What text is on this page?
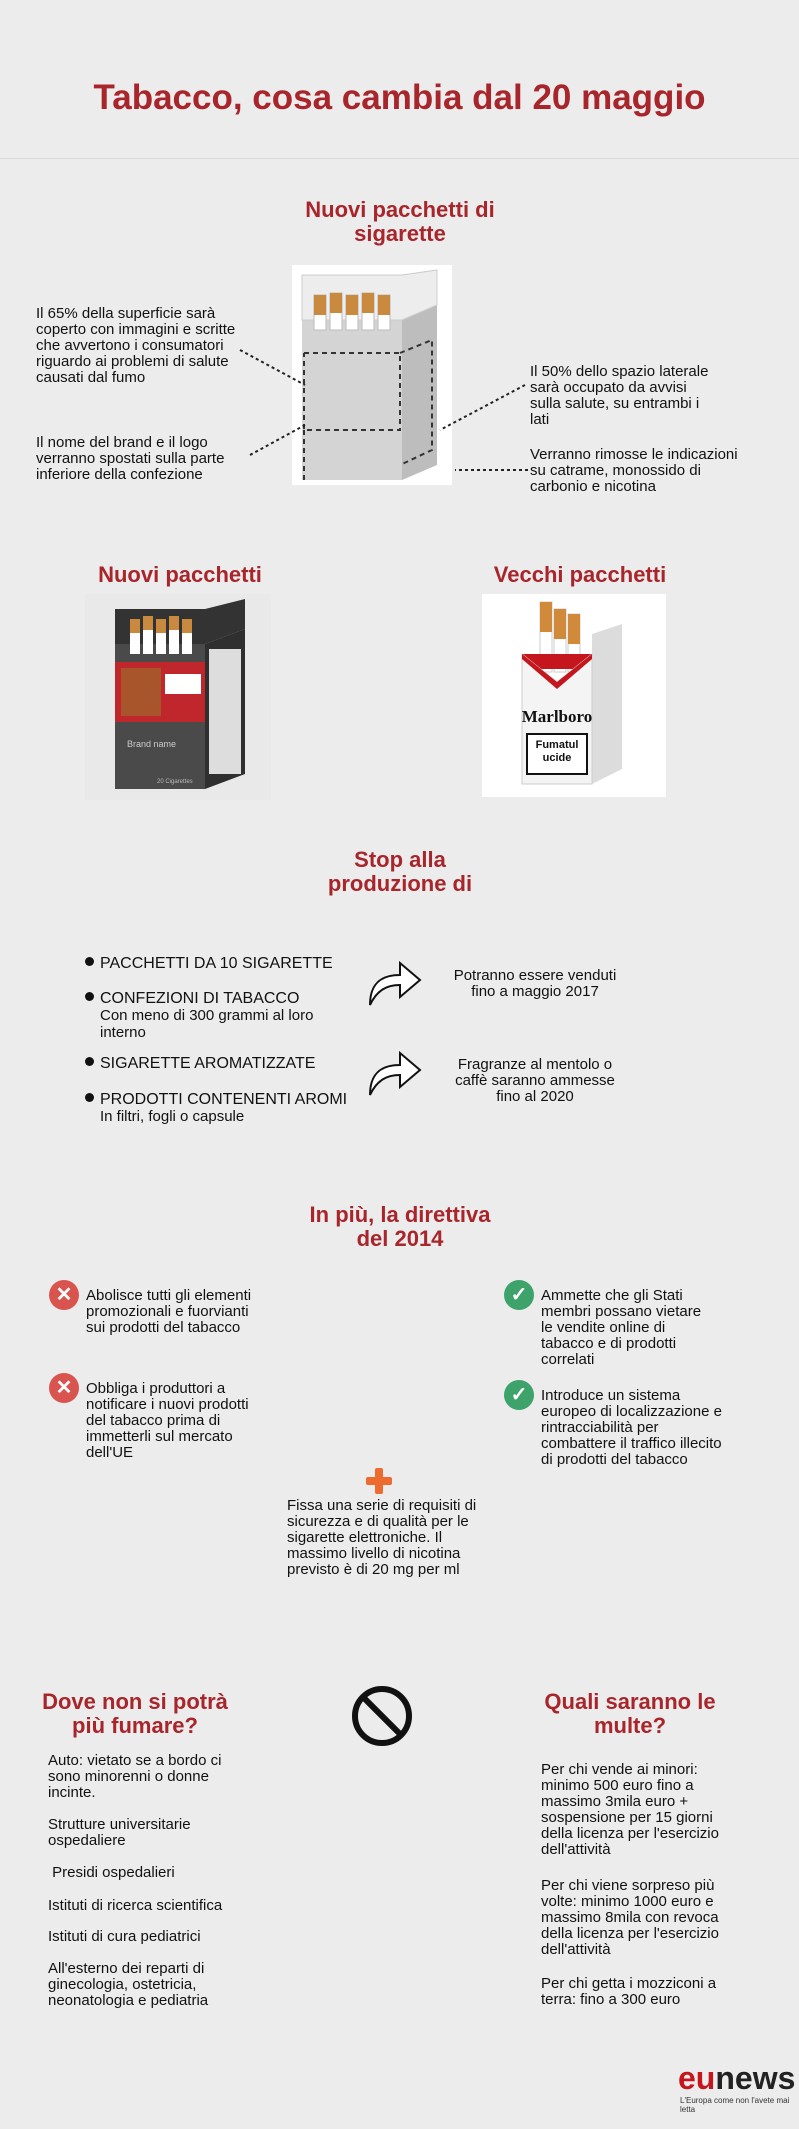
Tabacco, cosa cambia dal 20 maggio
Nuovi pacchetti di
sigarette
Il 65% della superficie sarà
coperto con immagini e scritte
che avvertono i consumatori
riguardo ai problemi di salute
causati dal fumo
Il nome del brand e il logo
verranno spostati sulla parte
inferiore della confezione
Il 50% dello spazio laterale
sarà occupato da avvisi
sulla salute, su entrambi i
lati
Verranno rimosse le indicazioni
su catrame, monossido di
carbonio e nicotina
Nuovi pacchetti	Vecchi pacchetti
Brand name
20 Cigarettes
Marlboro
Fumatul
ucide
Stop alla
produzione di
PACCHETTI DA 10 SIGARETTE
CONFEZIONI DI TABACCO
Con meno di 300 grammi al loro
interno
SIGARETTE AROMATIZZATE
PRODOTTI CONTENENTI AROMI
In filtri, fogli o capsule
Potranno essere venduti
fino a maggio 2017
Fragranze al mentolo o
caffè saranno ammesse
fino al 2020
In più, la direttiva
del 2014
✕ Abolisce tutti gli elementi
promozionali e fuorvianti
sui prodotti del tabacco
✕ Obbliga i produttori a
notificare i nuovi prodotti
del tabacco prima di
immetterli sul mercato
dell'UE
✓ Ammette che gli Stati
membri possano vietare
le vendite online di
tabacco e di prodotti
correlati
✓ Introduce un sistema
europeo di localizzazione e
rintracciabilità per
combattere il traffico illecito
di prodotti del tabacco
Fissa una serie di requisiti di
sicurezza e di qualità per le
sigarette elettroniche. Il
massimo livello di nicotina
previsto è di 20 mg per ml
Dove non si potrà
più fumare?
Quali saranno le
multe?
Auto: vietato se a bordo ci
sono minorenni o donne
incinte.
Strutture universitarie
ospedaliere
Presidi ospedalieri
Istituti di ricerca scientifica
Istituti di cura pediatrici
All'esterno dei reparti di
ginecologia, ostetricia,
neonatologia e pediatria
Per chi vende ai minori:
minimo 500 euro fino a
massimo 3mila euro +
sospensione per 15 giorni
della licenza per l'esercizio
dell'attività
Per chi viene sorpreso più
volte: minimo 1000 euro e
massimo 8mila con revoca
della licenza per l'esercizio
dell'attività
Per chi getta i mozziconi a
terra: fino a 300 euro
eunews
L'Europa come non l'avete mai letta
